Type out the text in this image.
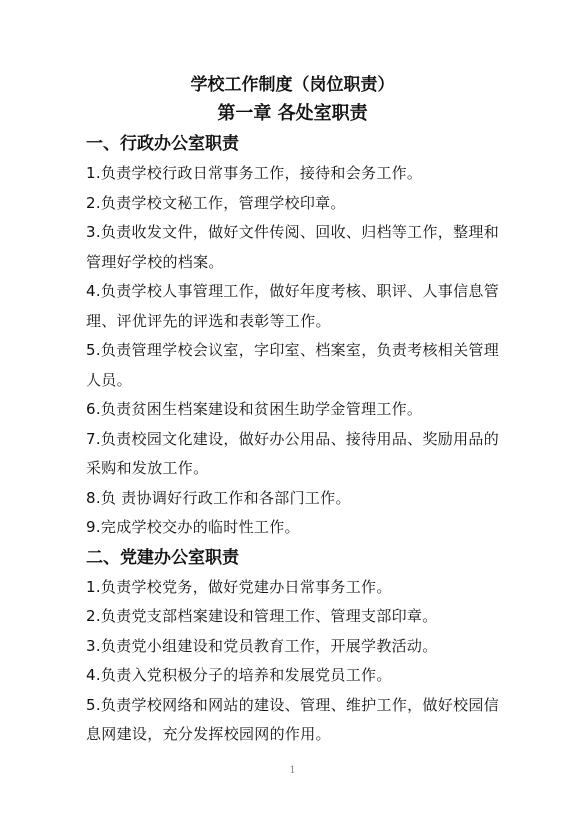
学校工作制度（岗位职责）

第一章 各处室职责

一、行政办公室职责

1.负责学校行政日常事务工作，接待和会务工作。

2.负责学校文秘工作，管理学校印章。

3.负责收发文件，做好文件传阅、回收、归档等工作，整理和管理好学校的档案。

4.负责学校人事管理工作，做好年度考核、职评、人事信息管理、评优评先的评选和表彰等工作。

5.负责管理学校会议室，字印室、档案室，负责考核相关管理人员。

6.负责贫困生档案建设和贫困生助学金管理工作。

7.负责校园文化建设，做好办公用品、接待用品、奖励用品的采购和发放工作。

8.负 责协调好行政工作和各部门工作。

9.完成学校交办的临时性工作。

二、党建办公室职责

1.负责学校党务，做好党建办日常事务工作。

2.负责党支部档案建设和管理工作、管理支部印章。

3.负责党小组建设和党员教育工作，开展学教活动。

4.负责入党积极分子的培养和发展党员工作。

5.负责学校网络和网站的建设、管理、维护工作，做好校园信息网建设，充分发挥校园网的作用。

1
